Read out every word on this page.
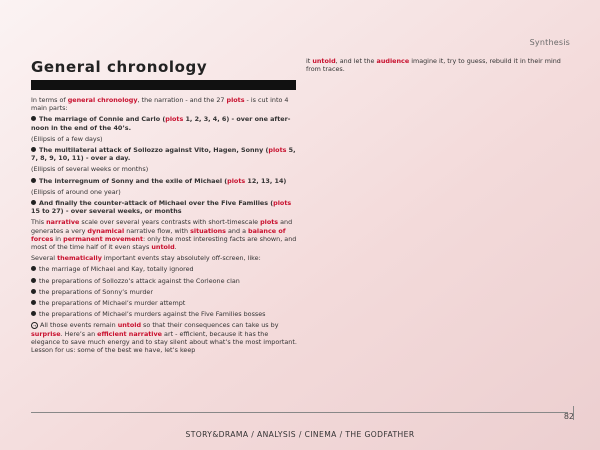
Synthesis
General chronology

In terms of general chronology, the narration - and the 27 plots - is cut into 4 main parts:

The marriage of Connie and Carlo (plots 1, 2, 3, 4, 6) - over one afternoon in the end of the 40’s.

(Ellipsis of a few days)

The multilateral attack of Sollozzo against Vito, Hagen, Sonny (plots 5, 7, 8, 9, 10, 11) - over a day.

(Ellipsis of several weeks or months)

The interregnum of Sonny and the exile of Michael (plots 12, 13, 14)

(Ellipsis of around one year)

And finally the counter-attack of Michael over the Five Families (plots 15 to 27) - over several weeks, or months

This narrative scale over several years contrasts with short-timescale plots and generates a very dynamical narrative flow, with situations and a balance of forces in permanent movement: only the most interesting facts are shown, and most of the time half of it even stays untold.

Several thematically important events stay absolutely off-screen, like:

the marriage of Michael and Kay, totally ignored

the preparations of Sollozzo’s attack against the Corleone clan

the preparations of Sonny’s murder

the preparations of Michael’s murder attempt

the preparations of Michael’s murders against the Five Families bosses

→ All those events remain untold so that their consequences can take us by surprise. Here’s an efficient narrative art - efficient, because it has the elegance to save much energy and to stay silent about what’s the most important. Lesson for us: some of the best we have, let’s keep

it untold, and let the audience imagine it, try to guess, rebuild it in their mind from traces.

82
STORY&DRAMA / ANALYSIS / CINEMA / THE GODFATHER
